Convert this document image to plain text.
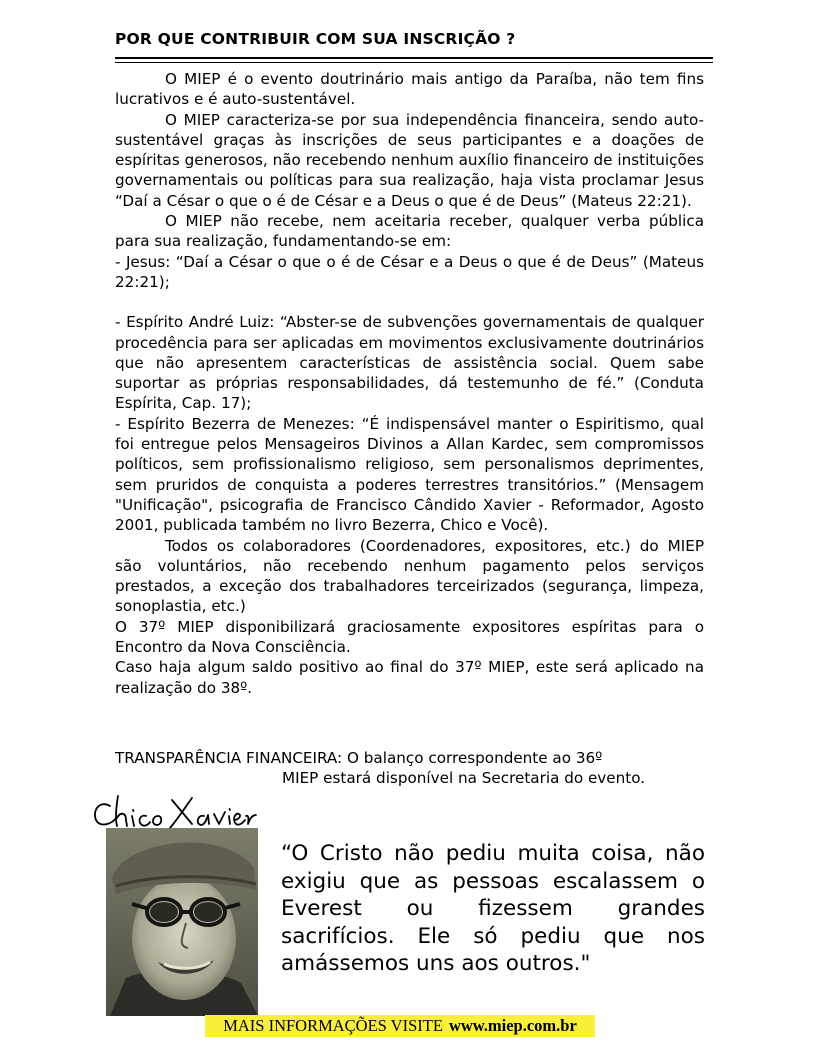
POR QUE CONTRIBUIR COM SUA INSCRIÇÃO ?

O MIEP é o evento doutrinário mais antigo da Paraíba, não tem fins lucrativos e é auto-sustentável.

O MIEP caracteriza-se por sua independência financeira, sendo auto-sustentável graças às inscrições de seus participantes e a doações de espíritas generosos, não recebendo nenhum auxílio financeiro de instituições governamentais ou políticas para sua realização, haja vista proclamar Jesus “Daí a César o que o é de César e a Deus o que é de Deus” (Mateus 22:21).

O MIEP não recebe, nem aceitaria receber, qualquer verba pública para sua realização, fundamentando-se em:

- Jesus: “Daí a César o que o é de César e a Deus o que é de Deus” (Mateus 22:21);

- Espírito André Luiz: “Abster-se de subvenções governamentais de qualquer procedência para ser aplicadas em movimentos exclusivamente doutrinários que não apresentem características de assistência social. Quem sabe suportar as próprias responsabilidades, dá testemunho de fé.” (Conduta Espírita, Cap. 17);

- Espírito Bezerra de Menezes: “É indispensável manter o Espiritismo, qual foi entregue pelos Mensageiros Divinos a Allan Kardec, sem compromissos políticos, sem profissionalismo religioso, sem personalismos deprimentes, sem pruridos de conquista a poderes terrestres transitórios.” (Mensagem "Unificação", psicografia de Francisco Cândido Xavier - Reformador, Agosto 2001, publicada também no livro Bezerra, Chico e Você).

Todos os colaboradores (Coordenadores, expositores, etc.) do MIEP são voluntários, não recebendo nenhum pagamento pelos serviços prestados, a exceção dos trabalhadores terceirizados (segurança, limpeza, sonoplastia, etc.)

O 37º MIEP disponibilizará graciosamente expositores espíritas para o Encontro da Nova Consciência.

Caso haja algum saldo positivo ao final do 37º MIEP, este será aplicado na realização do 38º.

TRANSPARÊNCIA FINANCEIRA: O balanço correspondente ao 36º

MIEP estará disponível na Secretaria do evento.

“O Cristo não pediu muita coisa, não exigiu que as pessoas escalassem o Everest ou fizessem grandes sacrifícios. Ele só pediu que nos amássemos uns aos outros."
MAIS INFORMAÇÕES VISITE www.miep.com.br
